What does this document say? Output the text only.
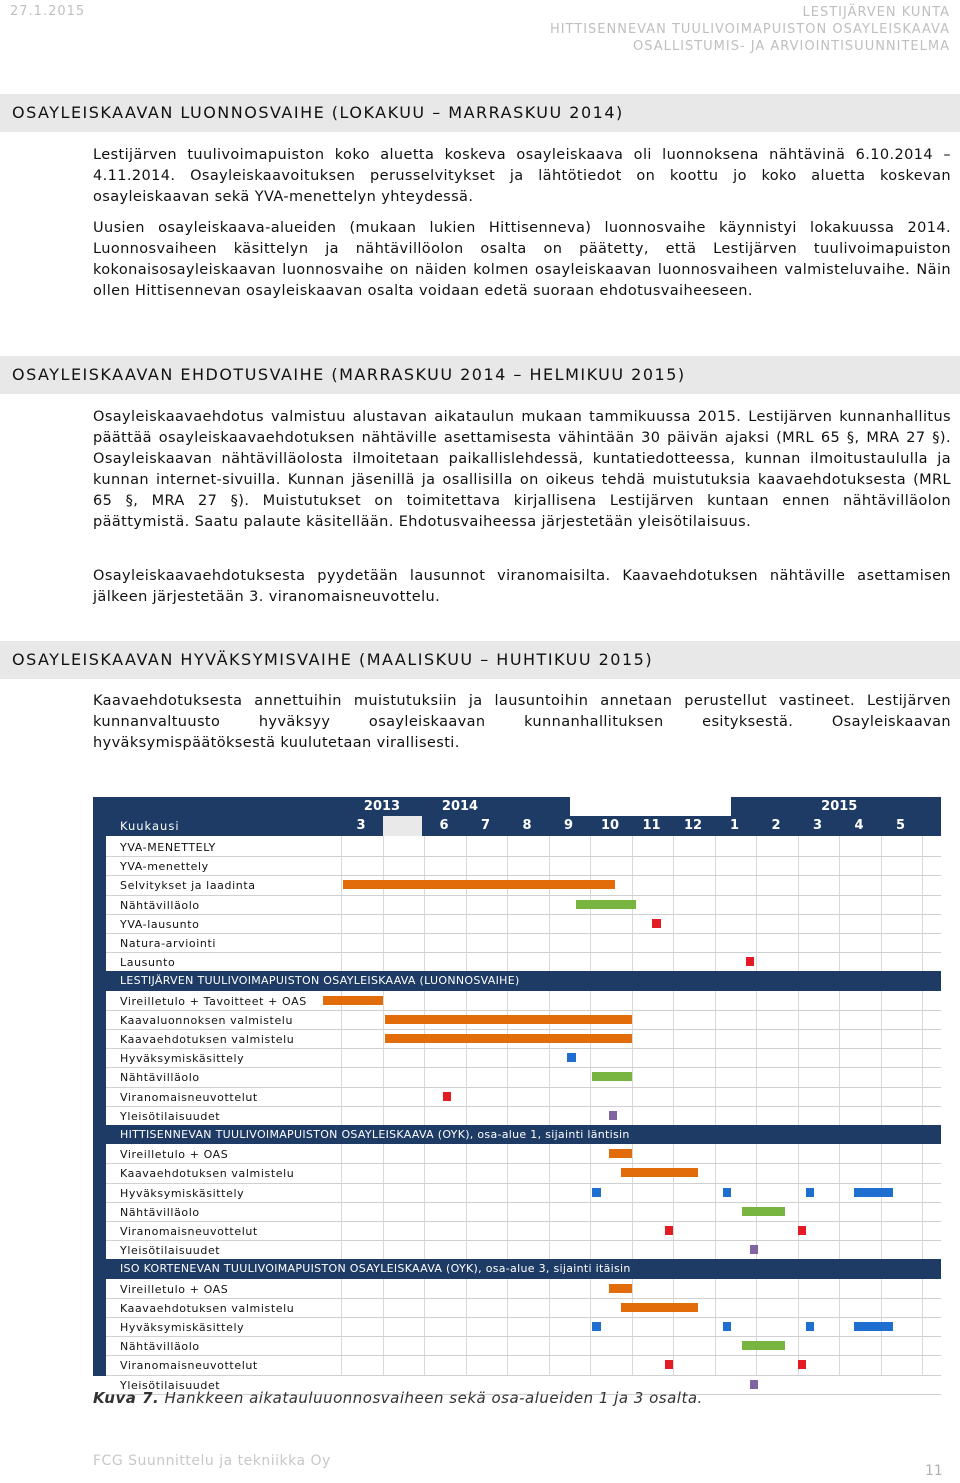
27.1.2015	LESTIJÄRVEN KUNTA
HITTISENNEVAN TUULIVOIMAPUISTON OSAYLEISKAAVA
OSALLISTUMIS- JA ARVIOINTISUUNNITELMA
OSAYLEISKAAVAN LUONNOSVAIHE (LOKAKUU – MARRASKUU 2014)
Lestijärven tuulivoimapuiston koko aluetta koskeva osayleiskaava oli luonnoksena nähtävinä 6.10.2014 – 4.11.2014. Osayleiskaavoituksen perusselvitykset ja lähtötiedot on koottu jo koko aluetta koskevan osayleiskaavan sekä YVA-menettelyn yhteydessä.
Uusien osayleiskaava-alueiden (mukaan lukien Hittisenneva) luonnosvaihe käynnistyi lokakuussa 2014. Luonnosvaiheen käsittelyn ja nähtävillöolon osalta on päätetty, että Lestijärven tuulivoimapuiston kokonaisosayleiskaavan luonnosvaihe on näiden kolmen osayleiskaavan luonnosvaiheen valmisteluvaihe. Näin ollen Hittisennevan osayleiskaavan osalta voidaan edetä suoraan ehdotusvaiheeseen.
OSAYLEISKAAVAN EHDOTUSVAIHE (MARRASKUU 2014 – HELMIKUU 2015)
Osayleiskaavaehdotus valmistuu alustavan aikataulun mukaan tammikuussa 2015. Lestijärven kunnanhallitus päättää osayleiskaavaehdotuksen nähtäville asettamisesta vähintään 30 päivän ajaksi (MRL 65 §, MRA 27 §). Osayleiskaavan nähtävilläolosta ilmoitetaan paikallislehdessä, kuntatiedotteessa, kunnan ilmoitustaululla ja kunnan internet-sivuilla. Kunnan jäsenillä ja osallisilla on oikeus tehdä muistutuksia kaavaehdotuksesta (MRL 65 §, MRA 27 §). Muistutukset on toimitettava kirjallisena Lestijärven kuntaan ennen nähtävilläolon päättymistä. Saatu palaute käsitellään. Ehdotusvaiheessa järjestetään yleisötilaisuus.
Osayleiskaavaehdotuksesta pyydetään lausunnot viranomaisilta. Kaavaehdotuksen nähtäville asettamisen jälkeen järjestetään 3. viranomaisneuvottelu.
OSAYLEISKAAVAN HYVÄKSYMISVAIHE (MAALISKUU – HUHTIKUU 2015)
Kaavaehdotuksesta annettuihin muistutuksiin ja lausuntoihin annetaan perustellut vastineet. Lestijärven kunnanvaltuusto hyväksyy osayleiskaavan kunnanhallituksen esityksestä. Osayleiskaavan hyväksymispäätöksestä kuulutetaan virallisesti.
2013	2014	2015
Kuukausi	3	6	7	8	9	10	11	12	1	2	3	4	5
YVA-MENETTELY
YVA-menettely
Selvitykset ja laadinta
Nähtävilläolo
YVA-lausunto
Natura-arviointi
Lausunto
LESTIJÄRVEN TUULIVOIMAPUISTON OSAYLEISKAAVA (LUONNOSVAIHE)
Vireilletulo + Tavoitteet + OAS
Kaavaluonnoksen valmistelu
Kaavaehdotuksen valmistelu
Hyväksymiskäsittely
Nähtävilläolo
Viranomaisneuvottelut
Yleisötilaisuudet
HITTISENNEVAN TUULIVOIMAPUISTON OSAYLEISKAAVA (OYK), osa-alue 1, sijainti läntisin
Vireilletulo + OAS
Kaavaehdotuksen valmistelu
Hyväksymiskäsittely
Nähtävilläolo
Viranomaisneuvottelut
Yleisötilaisuudet
ISO KORTENEVAN TUULIVOIMAPUISTON OSAYLEISKAAVA (OYK), osa-alue 3, sijainti itäisin
Vireilletulo + OAS
Kaavaehdotuksen valmistelu
Hyväksymiskäsittely
Nähtävilläolo
Viranomaisneuvottelut
Yleisötilaisuudet
Kuva 7. Hankkeen aikatauluuonnosvaiheen sekä osa-alueiden 1 ja 3 osalta.
FCG Suunnittelu ja tekniikka Oy
11
